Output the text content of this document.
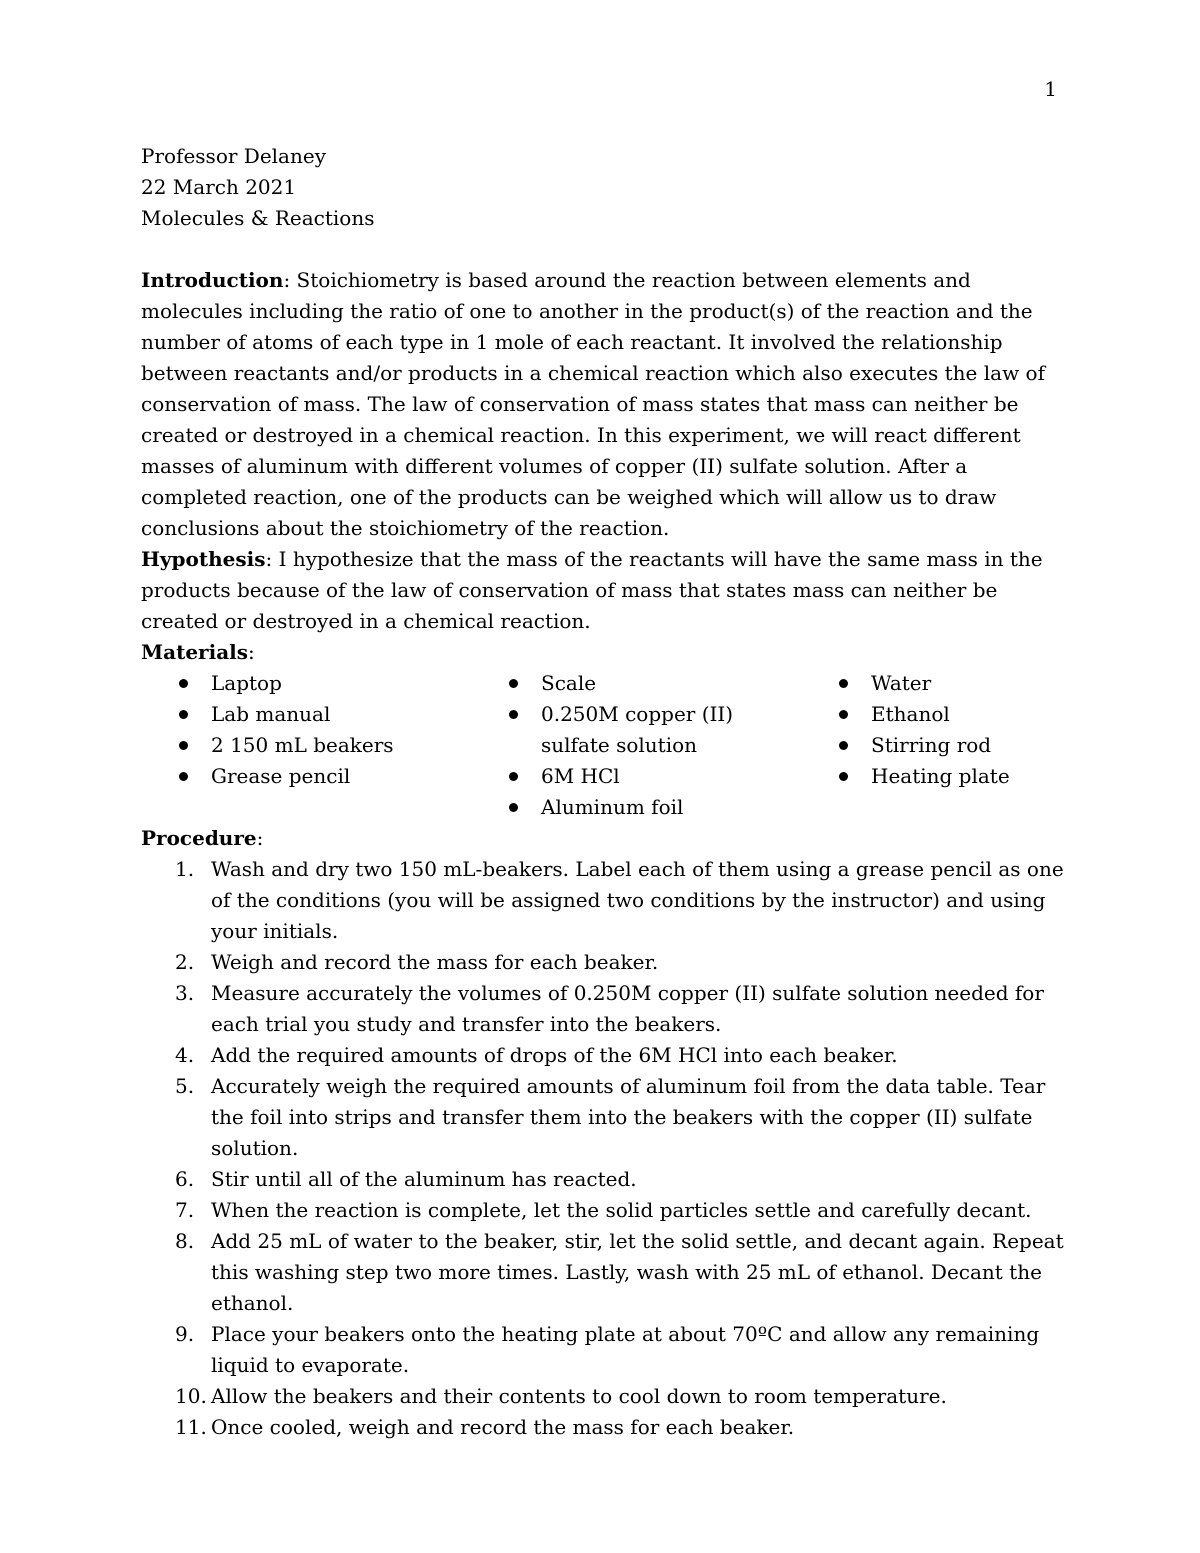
1
Professor Delaney
22 March 2021
Molecules & Reactions

Introduction: Stoichiometry is based around the reaction between elements and molecules including the ratio of one to another in the product(s) of the reaction and the number of atoms of each type in 1 mole of each reactant. It involved the relationship between reactants and/or products in a chemical reaction which also executes the law of conservation of mass. The law of conservation of mass states that mass can neither be created or destroyed in a chemical reaction. In this experiment, we will react different masses of aluminum with different volumes of copper (II) sulfate solution. After a completed reaction, one of the products can be weighed which will allow us to draw conclusions about the stoichiometry of the reaction.

Hypothesis: I hypothesize that the mass of the reactants will have the same mass in the products because of the law of conservation of mass that states mass can neither be created or destroyed in a chemical reaction.

Materials:

Laptop
Lab manual
2 150 mL beakers
Grease pencil
Scale
0.250M copper (II) sulfate solution
6M HCl
Aluminum foil
Water
Ethanol
Stirring rod
Heating plate

Procedure:

1. Wash and dry two 150 mL-beakers. Label each of them using a grease pencil as one of the conditions (you will be assigned two conditions by the instructor) and using your initials.
2. Weigh and record the mass for each beaker.
3. Measure accurately the volumes of 0.250M copper (II) sulfate solution needed for each trial you study and transfer into the beakers.
4. Add the required amounts of drops of the 6M HCl into each beaker.
5. Accurately weigh the required amounts of aluminum foil from the data table. Tear the foil into strips and transfer them into the beakers with the copper (II) sulfate solution.
6. Stir until all of the aluminum has reacted.
7. When the reaction is complete, let the solid particles settle and carefully decant.
8. Add 25 mL of water to the beaker, stir, let the solid settle, and decant again. Repeat this washing step two more times. Lastly, wash with 25 mL of ethanol. Decant the ethanol.
9. Place your beakers onto the heating plate at about 70ºC and allow any remaining liquid to evaporate.
10. Allow the beakers and their contents to cool down to room temperature.
11. Once cooled, weigh and record the mass for each beaker.
